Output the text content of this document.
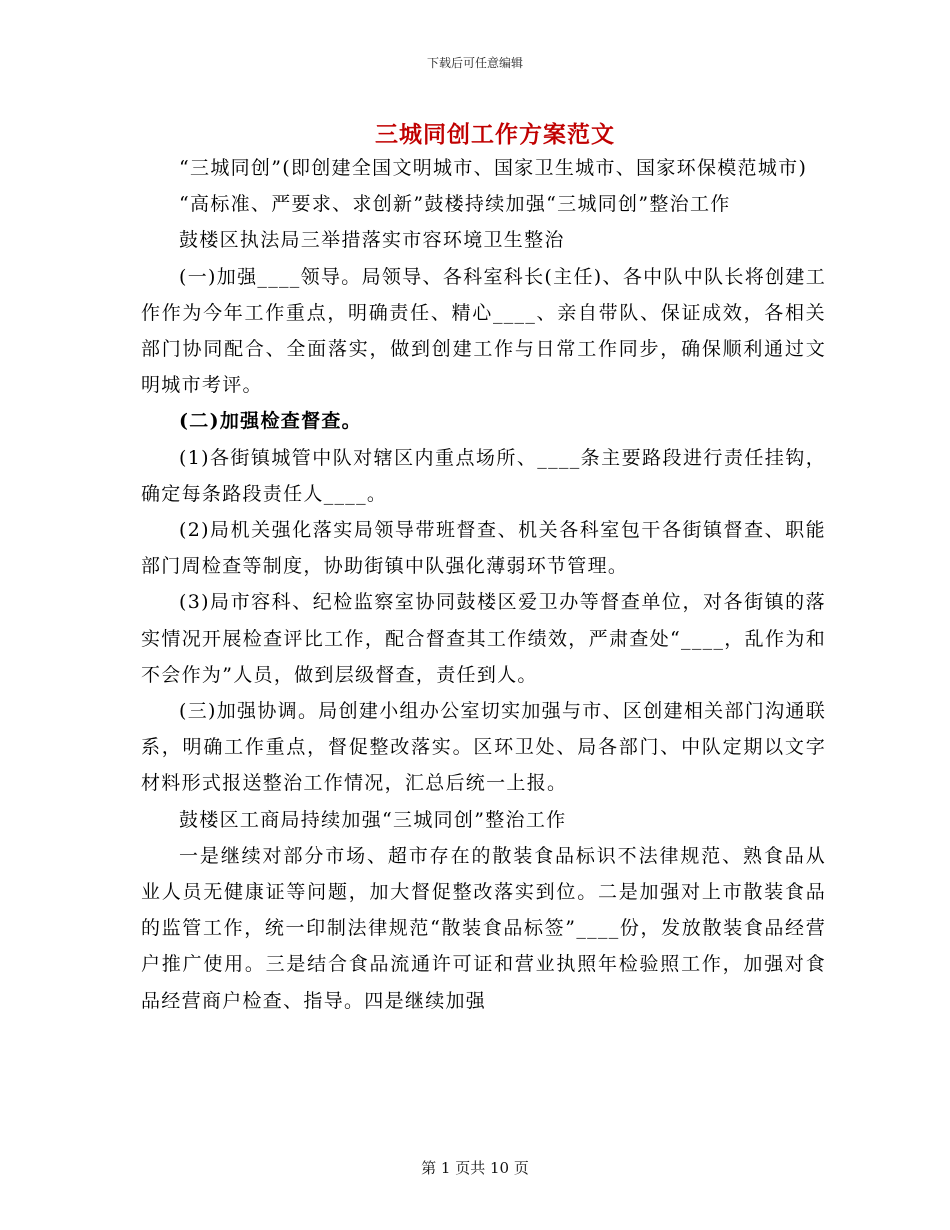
下载后可任意编辑
三城同创工作方案范文

“三城同创”(即创建全国文明城市、国家卫生城市、国家环保模范城市)

“高标准、严要求、求创新”鼓楼持续加强“三城同创”整治工作

鼓楼区执法局三举措落实市容环境卫生整治

(一)加强____领导。局领导、各科室科长(主任)、各中队中队长将创建工作作为今年工作重点，明确责任、精心____、亲自带队、保证成效，各相关部门协同配合、全面落实，做到创建工作与日常工作同步，确保顺利通过文明城市考评。

(二)加强检查督查。

(1)各街镇城管中队对辖区内重点场所、____条主要路段进行责任挂钩，确定每条路段责任人____。

(2)局机关强化落实局领导带班督查、机关各科室包干各街镇督查、职能部门周检查等制度，协助街镇中队强化薄弱环节管理。

(3)局市容科、纪检监察室协同鼓楼区爱卫办等督查单位，对各街镇的落实情况开展检查评比工作，配合督查其工作绩效，严肃查处“____，乱作为和不会作为”人员，做到层级督查，责任到人。

(三)加强协调。局创建小组办公室切实加强与市、区创建相关部门沟通联系，明确工作重点，督促整改落实。区环卫处、局各部门、中队定期以文字材料形式报送整治工作情况，汇总后统一上报。

鼓楼区工商局持续加强“三城同创”整治工作

一是继续对部分市场、超市存在的散装食品标识不法律规范、熟食品从业人员无健康证等问题，加大督促整改落实到位。二是加强对上市散装食品的监管工作，统一印制法律规范“散装食品标签”____份，发放散装食品经营户推广使用。三是结合食品流通许可证和营业执照年检验照工作，加强对食品经营商户检查、指导。四是继续加强

第 1 页共 10 页
